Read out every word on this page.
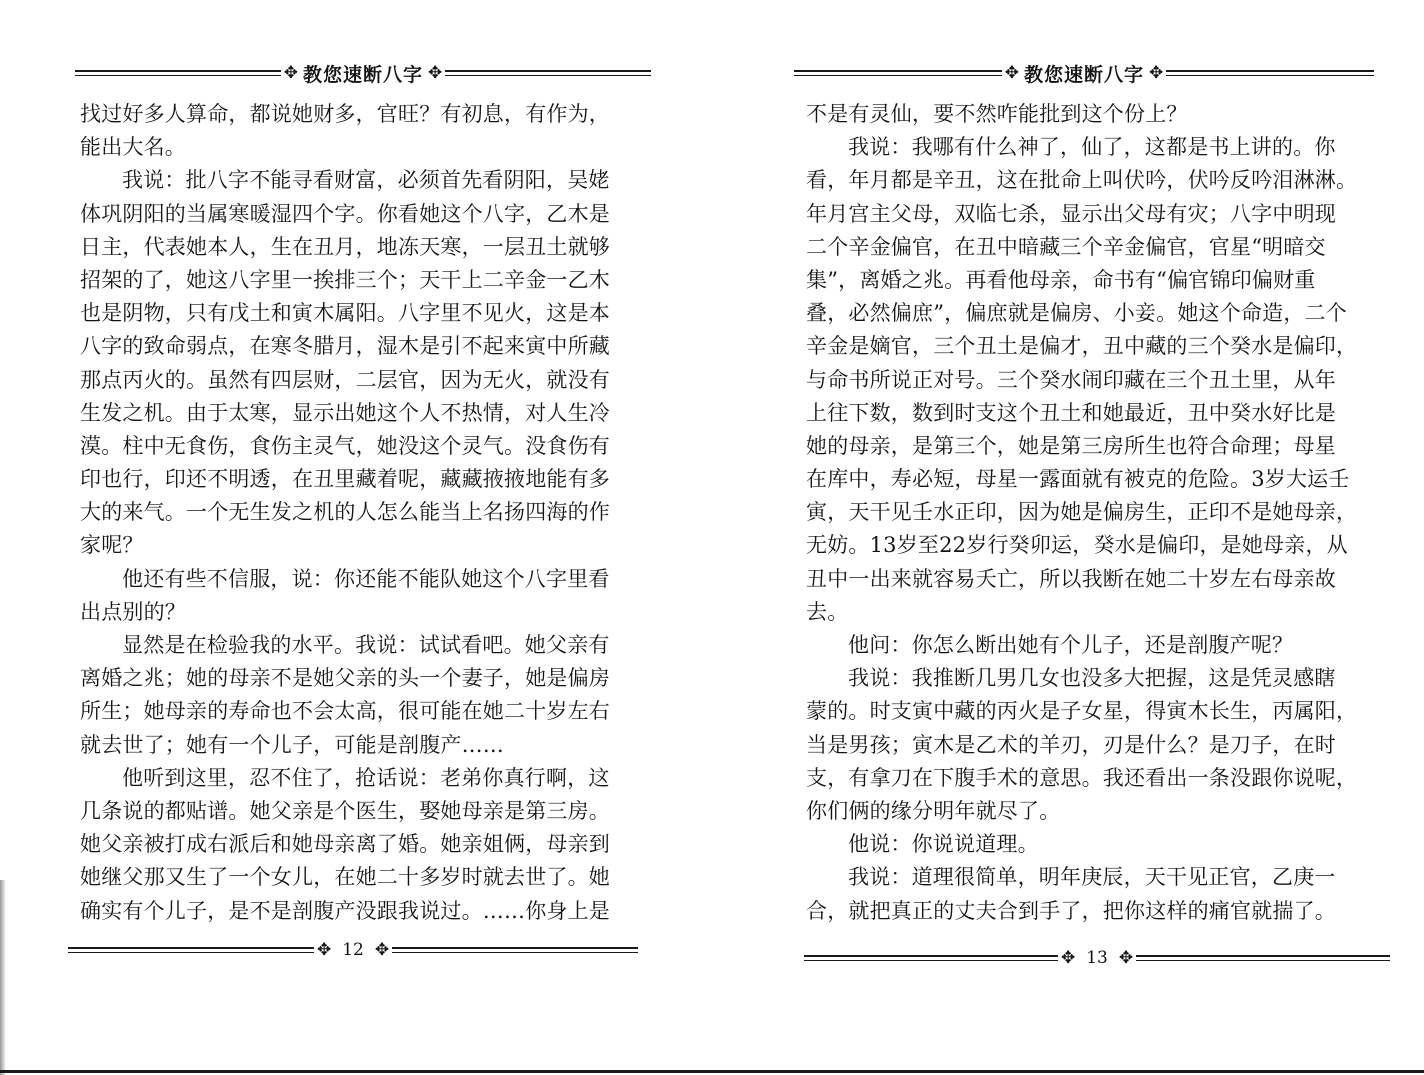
✥ 教您速断八字 ✥
找过好多人算命，都说她财多，官旺？有初息，有作为，
能出大名。
我说：批八字不能寻看财富，必须首先看阴阳，吴姥
体巩阴阳的当属寒暖湿四个字。你看她这个八字，乙木是
日主，代表她本人，生在丑月，地冻天寒，一层丑土就够
招架的了，她这八字里一挨排三个；天干上二辛金一乙木
也是阴物，只有戊土和寅木属阳。八字里不见火，这是本
八字的致命弱点，在寒冬腊月，湿木是引不起来寅中所藏
那点丙火的。虽然有四层财，二层官，因为无火，就没有
生发之机。由于太寒，显示出她这个人不热情，对人生冷
漠。柱中无食伤，食伤主灵气，她没这个灵气。没食伤有
印也行，印还不明透，在丑里藏着呢，藏藏掖掖地能有多
大的来气。一个无生发之机的人怎么能当上名扬四海的作
家呢？
他还有些不信服，说：你还能不能队她这个八字里看
出点别的？
显然是在检验我的水平。我说：试试看吧。她父亲有
离婚之兆；她的母亲不是她父亲的头一个妻子，她是偏房
所生；她母亲的寿命也不会太高，很可能在她二十岁左右
就去世了；她有一个儿子，可能是剖腹产……
他听到这里，忍不住了，抢话说：老弟你真行啊，这
几条说的都贴谱。她父亲是个医生，娶她母亲是第三房。
她父亲被打成右派后和她母亲离了婚。她亲姐俩，母亲到
她继父那又生了一个女儿，在她二十多岁时就去世了。她
确实有个儿子，是不是剖腹产没跟我说过。……你身上是
✥ 12 ✥
✥ 教您速断八字 ✥
不是有灵仙，要不然咋能批到这个份上？
我说：我哪有什么神了，仙了，这都是书上讲的。你
看，年月都是辛丑，这在批命上叫伏吟，伏吟反吟泪淋淋。
年月宫主父母，双临七杀，显示出父母有灾；八字中明现
二个辛金偏官，在丑中暗藏三个辛金偏官，官星“明暗交
集”，离婚之兆。再看他母亲，命书有“偏官锦印偏财重
叠，必然偏庶”，偏庶就是偏房、小妾。她这个命造，二个
辛金是嫡官，三个丑土是偏才，丑中藏的三个癸水是偏印，
与命书所说正对号。三个癸水闹印藏在三个丑土里，从年
上往下数，数到时支这个丑土和她最近，丑中癸水好比是
她的母亲，是第三个，她是第三房所生也符合命理；母星
在库中，寿必短，母星一露面就有被克的危险。3岁大运壬
寅，天干见壬水正印，因为她是偏房生，正印不是她母亲，
无妨。13岁至22岁行癸卯运，癸水是偏印，是她母亲，从
丑中一出来就容易夭亡，所以我断在她二十岁左右母亲故
去。
他问：你怎么断出她有个儿子，还是剖腹产呢？
我说：我推断几男几女也没多大把握，这是凭灵感瞎
蒙的。时支寅中藏的丙火是子女星，得寅木长生，丙属阳，
当是男孩；寅木是乙术的羊刃，刃是什么？是刀子，在时
支，有拿刀在下腹手术的意思。我还看出一条没跟你说呢，
你们俩的缘分明年就尽了。
他说：你说说道理。
我说：道理很简单，明年庚辰，天干见正官，乙庚一
合，就把真正的丈夫合到手了，把你这样的痛官就揣了。
✥ 13 ✥
